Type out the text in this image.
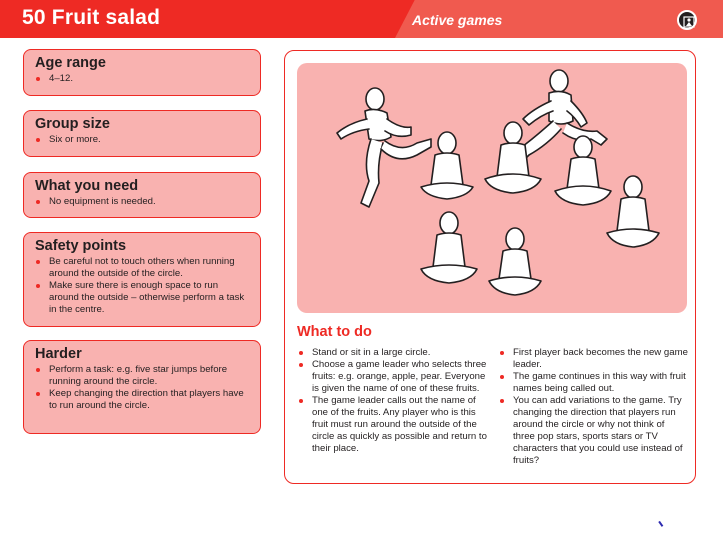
50 Fruit salad	Active games
Age range
4–12.
Group size
Six or more.
What you need
No equipment is needed.
Safety points
Be careful not to touch others when running around the outside of the circle.
Make sure there is enough space to run around the outside – otherwise perform a task in the centre.
Harder
Perform a task: e.g. five star jumps before running around the circle.
Keep changing the direction that players have to run around the circle.
What to do
Stand or sit in a large circle.
Choose a game leader who selects three fruits: e.g. orange, apple, pear. Everyone is given the name of one of these fruits.
The game leader calls out the name of one of the fruits. Any player who is this fruit must run around the outside of the circle as quickly as possible and return to their place.
First player back becomes the new game leader.
The game continues in this way with fruit names being called out.
You can add variations to the game. Try changing the direction that players run around the circle or why not think of three pop stars, sports stars or TV characters that you could use instead of fruits?
